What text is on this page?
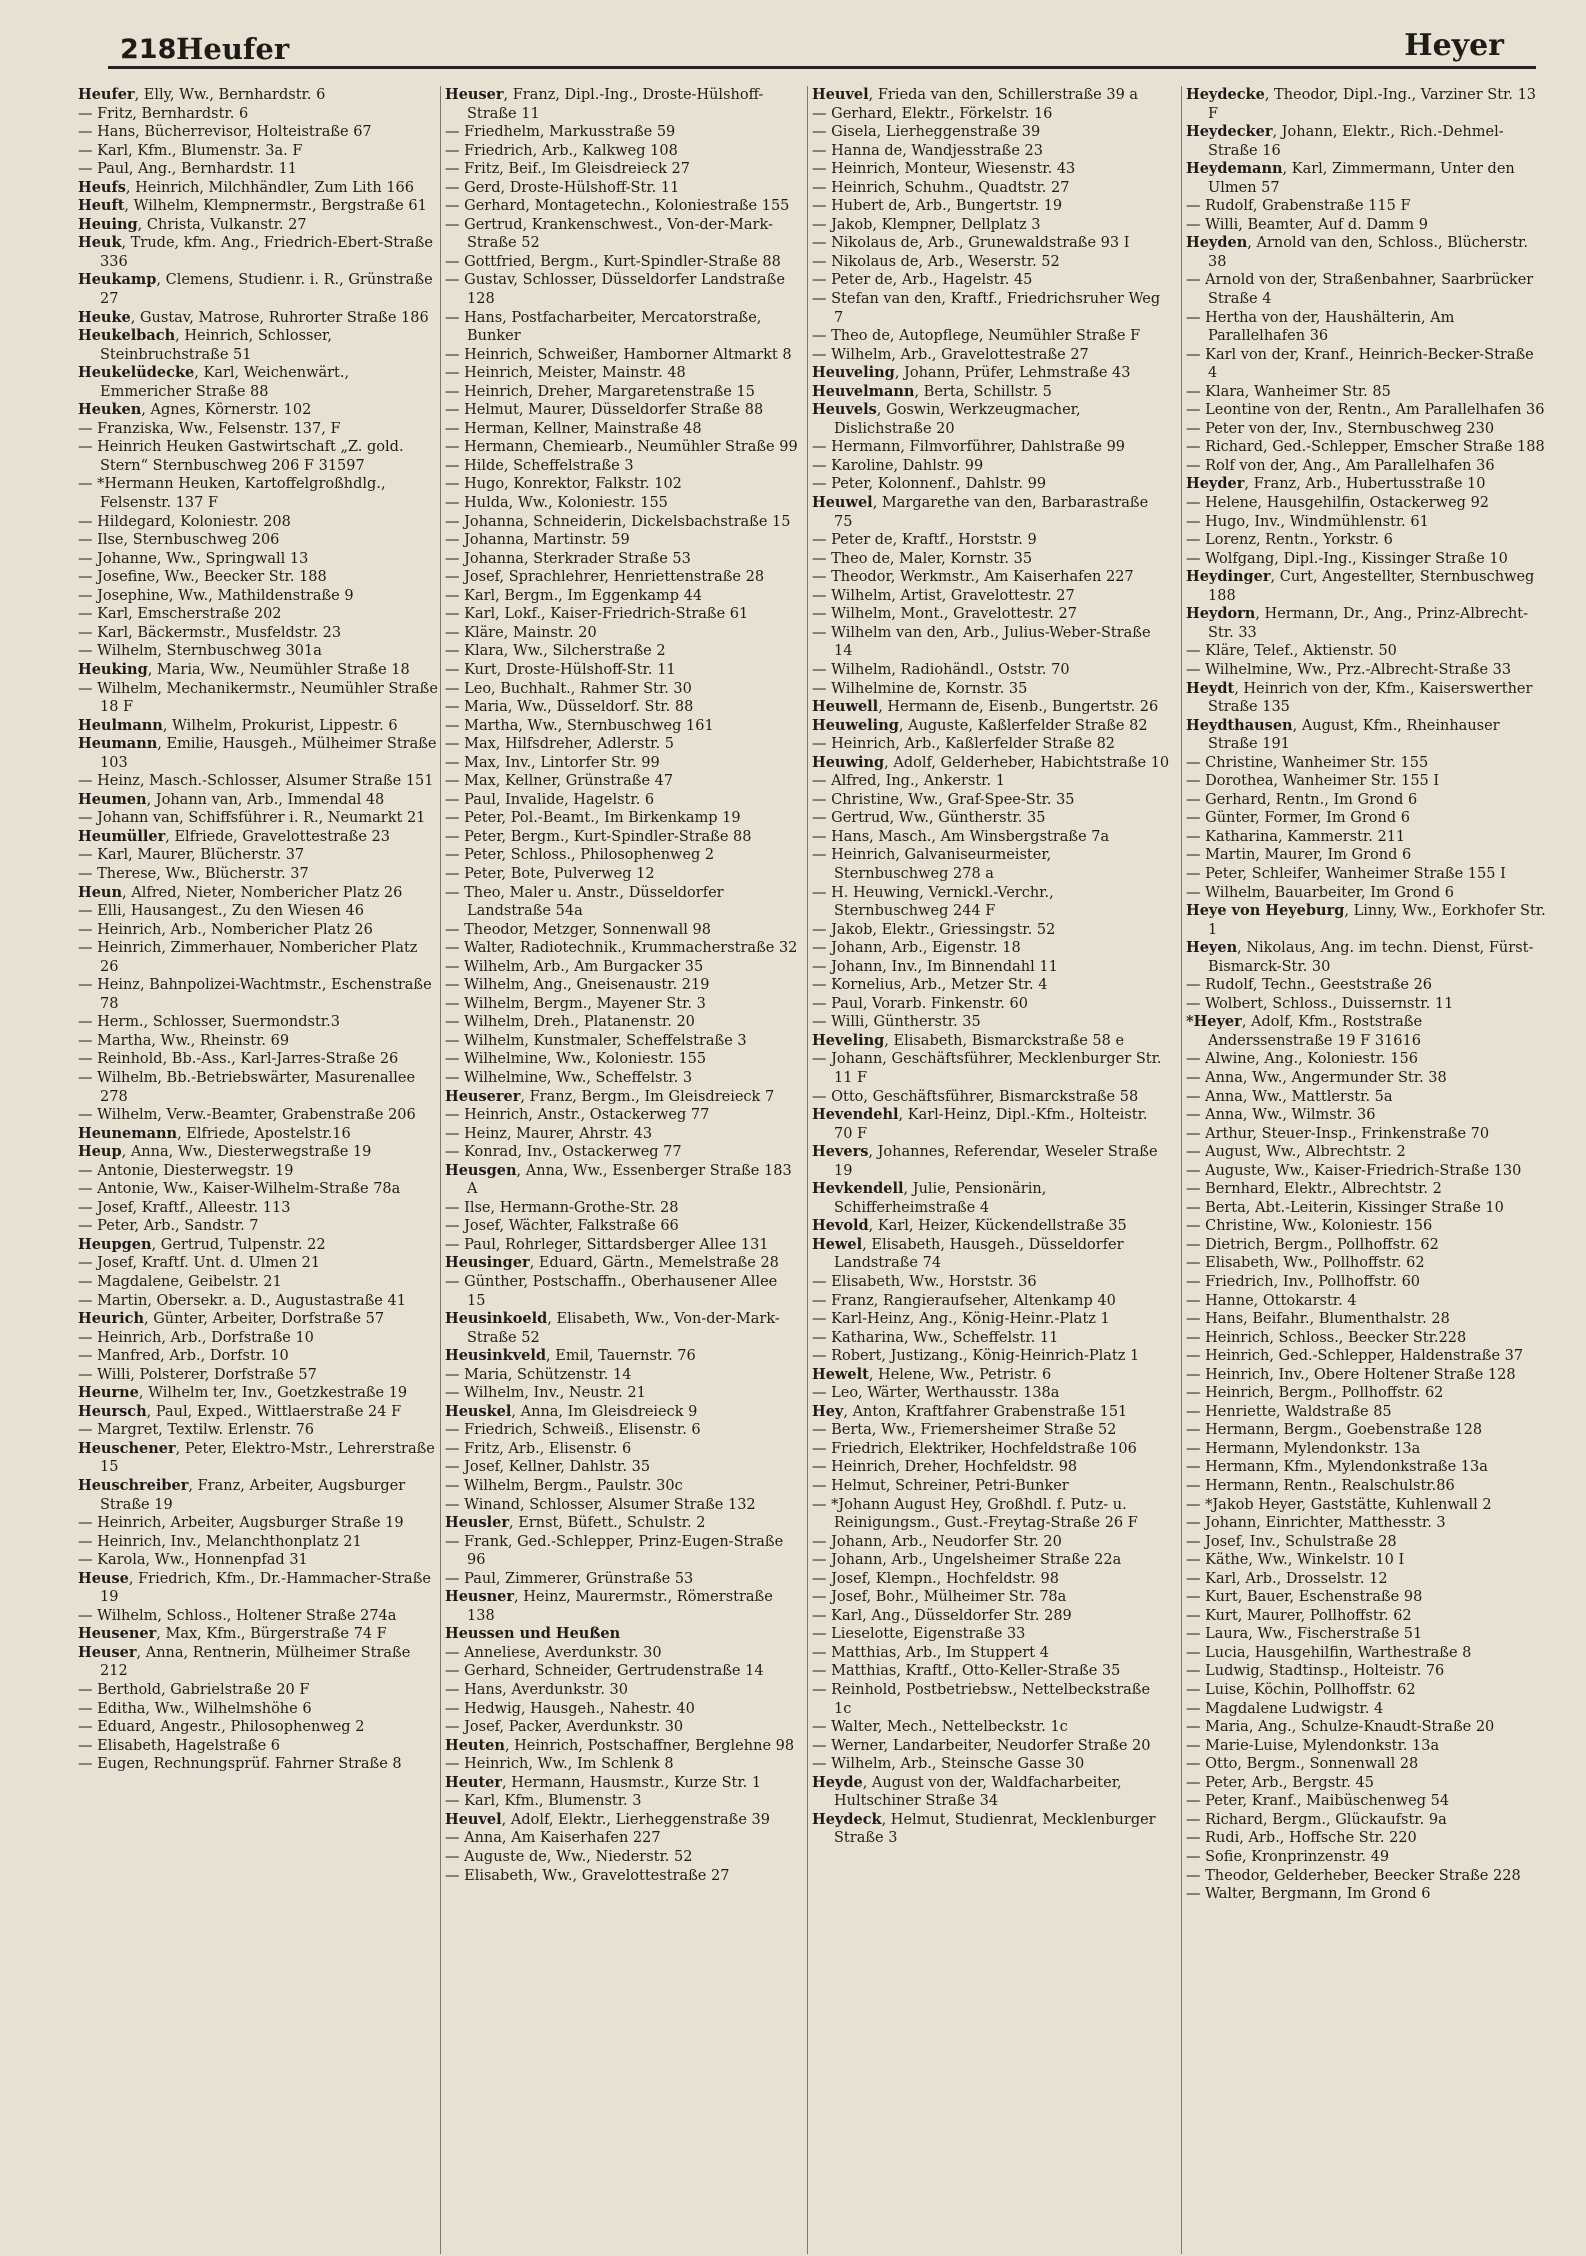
218 Heufer	Heyer

Heufer, Elly, Ww., Bernhardstr. 6

— Fritz, Bernhardstr. 6

— Hans, Bücherrevisor, Holteistraße 67

— Karl, Kfm., Blumenstr. 3a. F

— Paul, Ang., Bernhardstr. 11

Heufs, Heinrich, Milchhändler, Zum Lith 166

Heuft, Wilhelm, Klempnermstr., Bergstraße 61

Heuing, Christa, Vulkanstr. 27

Heuk, Trude, kfm. Ang., Friedrich-Ebert-Straße 336

Heukamp, Clemens, Studienr. i. R., Grünstraße 27

Heuke, Gustav, Matrose, Ruhrorter Straße 186

Heukelbach, Heinrich, Schlosser, Steinbruchstraße 51

Heukelüdecke, Karl, Weichenwärt., Emmericher Straße 88

Heuken, Agnes, Körnerstr. 102

— Franziska, Ww., Felsenstr. 137, F

— Heinrich Heuken Gastwirtschaft „Z. gold. Stern“ Sternbuschweg 206 F 31597

— *Hermann Heuken, Kartoffelgroßhdlg., Felsenstr. 137 F

— Hildegard, Koloniestr. 208

— Ilse, Sternbuschweg 206

— Johanne, Ww., Springwall 13

— Josefine, Ww., Beecker Str. 188

— Josephine, Ww., Mathildenstraße 9

— Karl, Emscherstraße 202

— Karl, Bäckermstr., Musfeldstr. 23

— Wilhelm, Sternbuschweg 301a

Heuking, Maria, Ww., Neumühler Straße 18

— Wilhelm, Mechanikermstr., Neumühler Straße 18 F

Heulmann, Wilhelm, Prokurist, Lippestr. 6

Heumann, Emilie, Hausgeh., Mülheimer Straße 103

— Heinz, Masch.-Schlosser, Alsumer Straße 151

Heumen, Johann van, Arb., Immendal 48

— Johann van, Schiffsführer i. R., Neumarkt 21

Heumüller, Elfriede, Gravelottestraße 23

— Karl, Maurer, Blücherstr. 37

— Therese, Ww., Blücherstr. 37

Heun, Alfred, Nieter, Nombericher Platz 26

— Elli, Hausangest., Zu den Wiesen 46

— Heinrich, Arb., Nombericher Platz 26

— Heinrich, Zimmerhauer, Nombericher Platz 26

— Heinz, Bahnpolizei-Wachtmstr., Eschenstraße 78

— Herm., Schlosser, Suermondstr.3

— Martha, Ww., Rheinstr. 69

— Reinhold, Bb.-Ass., Karl-Jarres-Straße 26

— Wilhelm, Bb.-Betriebswärter, Masurenallee 278

— Wilhelm, Verw.-Beamter, Grabenstraße 206

Heunemann, Elfriede, Apostelstr.16

Heup, Anna, Ww., Diesterwegstraße 19

— Antonie, Diesterwegstr. 19

— Antonie, Ww., Kaiser-Wilhelm-Straße 78a

— Josef, Kraftf., Alleestr. 113

— Peter, Arb., Sandstr. 7

Heupgen, Gertrud, Tulpenstr. 22

— Josef, Kraftf. Unt. d. Ulmen 21

— Magdalene, Geibelstr. 21

— Martin, Obersekr. a. D., Augustastraße 41

Heurich, Günter, Arbeiter, Dorfstraße 57

— Heinrich, Arb., Dorfstraße 10

— Manfred, Arb., Dorfstr. 10

— Willi, Polsterer, Dorfstraße 57

Heurne, Wilhelm ter, Inv., Goetzkestraße 19

Heursch, Paul, Exped., Wittlaerstraße 24 F

— Margret, Textilw. Erlenstr. 76

Heuschener, Peter, Elektro-Mstr., Lehrerstraße 15

Heuschreiber, Franz, Arbeiter, Augsburger Straße 19

— Heinrich, Arbeiter, Augsburger Straße 19

— Heinrich, Inv., Melanchthonplatz 21

— Karola, Ww., Honnenpfad 31

Heuse, Friedrich, Kfm., Dr.-Hammacher-Straße 19

— Wilhelm, Schloss., Holtener Straße 274a

Heusener, Max, Kfm., Bürgerstraße 74 F

Heuser, Anna, Rentnerin, Mülheimer Straße 212

— Berthold, Gabrielstraße 20 F

— Editha, Ww., Wilhelmshöhe 6

— Eduard, Angestr., Philosophenweg 2

— Elisabeth, Hagelstraße 6

— Eugen, Rechnungsprüf. Fahrner Straße 8

Heuser, Franz, Dipl.-Ing., Droste-Hülshoff-Straße 11

— Friedhelm, Markusstraße 59

— Friedrich, Arb., Kalkweg 108

— Fritz, Beif., Im Gleisdreieck 27

— Gerd, Droste-Hülshoff-Str. 11

— Gerhard, Montagetechn., Koloniestraße 155

— Gertrud, Krankenschwest., Von-der-Mark-Straße 52

— Gottfried, Bergm., Kurt-Spindler-Straße 88

— Gustav, Schlosser, Düsseldorfer Landstraße 128

— Hans, Postfacharbeiter, Mercatorstraße, Bunker

— Heinrich, Schweißer, Hamborner Altmarkt 8

— Heinrich, Meister, Mainstr. 48

— Heinrich, Dreher, Margaretenstraße 15

— Helmut, Maurer, Düsseldorfer Straße 88

— Herman, Kellner, Mainstraße 48

— Hermann, Chemiearb., Neumühler Straße 99

— Hilde, Scheffelstraße 3

— Hugo, Konrektor, Falkstr. 102

— Hulda, Ww., Koloniestr. 155

— Johanna, Schneiderin, Dickelsbachstraße 15

— Johanna, Martinstr. 59

— Johanna, Sterkrader Straße 53

— Josef, Sprachlehrer, Henriettenstraße 28

— Karl, Bergm., Im Eggenkamp 44

— Karl, Lokf., Kaiser-Friedrich-Straße 61

— Kläre, Mainstr. 20

— Klara, Ww., Silcherstraße 2

— Kurt, Droste-Hülshoff-Str. 11

— Leo, Buchhalt., Rahmer Str. 30

— Maria, Ww., Düsseldorf. Str. 88

— Martha, Ww., Sternbuschweg 161

— Max, Hilfsdreher, Adlerstr. 5

— Max, Inv., Lintorfer Str. 99

— Max, Kellner, Grünstraße 47

— Paul, Invalide, Hagelstr. 6

— Peter, Pol.-Beamt., Im Birkenkamp 19

— Peter, Bergm., Kurt-Spindler-Straße 88

— Peter, Schloss., Philosophenweg 2

— Peter, Bote, Pulverweg 12

— Theo, Maler u. Anstr., Düsseldorfer Landstraße 54a

— Theodor, Metzger, Sonnenwall 98

— Walter, Radiotechnik., Krummacherstraße 32

— Wilhelm, Arb., Am Burgacker 35

— Wilhelm, Ang., Gneisenaustr. 219

— Wilhelm, Bergm., Mayener Str. 3

— Wilhelm, Dreh., Platanenstr. 20

— Wilhelm, Kunstmaler, Scheffelstraße 3

— Wilhelmine, Ww., Koloniestr. 155

— Wilhelmine, Ww., Scheffelstr. 3

Heuserer, Franz, Bergm., Im Gleisdreieck 7

— Heinrich, Anstr., Ostackerweg 77

— Heinz, Maurer, Ahrstr. 43

— Konrad, Inv., Ostackerweg 77

Heusgen, Anna, Ww., Essenberger Straße 183 A

— Ilse, Hermann-Grothe-Str. 28

— Josef, Wächter, Falkstraße 66

— Paul, Rohrleger, Sittardsberger Allee 131

Heusinger, Eduard, Gärtn., Memelstraße 28

— Günther, Postschaffn., Oberhausener Allee 15

Heusinkoeld, Elisabeth, Ww., Von-der-Mark-Straße 52

Heusinkveld, Emil, Tauernstr. 76

— Maria, Schützenstr. 14

— Wilhelm, Inv., Neustr. 21

Heuskel, Anna, Im Gleisdreieck 9

— Friedrich, Schweiß., Elisenstr. 6

— Fritz, Arb., Elisenstr. 6

— Josef, Kellner, Dahlstr. 35

— Wilhelm, Bergm., Paulstr. 30c

— Winand, Schlosser, Alsumer Straße 132

Heusler, Ernst, Büfett., Schulstr. 2

— Frank, Ged.-Schlepper, Prinz-Eugen-Straße 96

— Paul, Zimmerer, Grünstraße 53

Heusner, Heinz, Maurermstr., Römerstraße 138

Heussen und Heußen

— Anneliese, Averdunkstr. 30

— Gerhard, Schneider, Gertrudenstraße 14

— Hans, Averdunkstr. 30

— Hedwig, Hausgeh., Nahestr. 40

— Josef, Packer, Averdunkstr. 30

Heuten, Heinrich, Postschaffner, Berglehne 98

— Heinrich, Ww., Im Schlenk 8

Heuter, Hermann, Hausmstr., Kurze Str. 1

— Karl, Kfm., Blumenstr. 3

Heuvel, Adolf, Elektr., Lierheggenstraße 39

— Anna, Am Kaiserhafen 227

— Auguste de, Ww., Niederstr. 52

— Elisabeth, Ww., Gravelottestraße 27

Heuvel, Frieda van den, Schillerstraße 39 a

— Gerhard, Elektr., Förkelstr. 16

— Gisela, Lierheggenstraße 39

— Hanna de, Wandjesstraße 23

— Heinrich, Monteur, Wiesenstr. 43

— Heinrich, Schuhm., Quadtstr. 27

— Hubert de, Arb., Bungertstr. 19

— Jakob, Klempner, Dellplatz 3

— Nikolaus de, Arb., Grunewaldstraße 93 I

— Nikolaus de, Arb., Weserstr. 52

— Peter de, Arb., Hagelstr. 45

— Stefan van den, Kraftf., Friedrichsruher Weg 7

— Theo de, Autopflege, Neumühler Straße F

— Wilhelm, Arb., Gravelottestraße 27

Heuveling, Johann, Prüfer, Lehmstraße 43

Heuvelmann, Berta, Schillstr. 5

Heuvels, Goswin, Werkzeugmacher, Dislichstraße 20

— Hermann, Filmvorführer, Dahlstraße 99

— Karoline, Dahlstr. 99

— Peter, Kolonnenf., Dahlstr. 99

Heuwel, Margarethe van den, Barbarastraße 75

— Peter de, Kraftf., Horststr. 9

— Theo de, Maler, Kornstr. 35

— Theodor, Werkmstr., Am Kaiserhafen 227

— Wilhelm, Artist, Gravelottestr. 27

— Wilhelm, Mont., Gravelottestr. 27

— Wilhelm van den, Arb., Julius-Weber-Straße 14

— Wilhelm, Radiohändl., Oststr. 70

— Wilhelmine de, Kornstr. 35

Heuwell, Hermann de, Eisenb., Bungertstr. 26

Heuweling, Auguste, Kaßlerfelder Straße 82

— Heinrich, Arb., Kaßlerfelder Straße 82

Heuwing, Adolf, Gelderheber, Habichtstraße 10

— Alfred, Ing., Ankerstr. 1

— Christine, Ww., Graf-Spee-Str. 35

— Gertrud, Ww., Güntherstr. 35

— Hans, Masch., Am Winsbergstraße 7a

— Heinrich, Galvaniseurmeister, Sternbuschweg 278 a

— H. Heuwing, Vernickl.-Verchr., Sternbuschweg 244 F

— Jakob, Elektr., Griessingstr. 52

— Johann, Arb., Eigenstr. 18

— Johann, Inv., Im Binnendahl 11

— Kornelius, Arb., Metzer Str. 4

— Paul, Vorarb. Finkenstr. 60

— Willi, Güntherstr. 35

Heveling, Elisabeth, Bismarckstraße 58 e

— Johann, Geschäftsführer, Mecklenburger Str. 11 F

— Otto, Geschäftsführer, Bismarckstraße 58

Hevendehl, Karl-Heinz, Dipl.-Kfm., Holteistr. 70 F

Hevers, Johannes, Referendar, Weseler Straße 19

Hevkendell, Julie, Pensionärin, Schifferheimstraße 4

Hevold, Karl, Heizer, Kückendellstraße 35

Hewel, Elisabeth, Hausgeh., Düsseldorfer Landstraße 74

— Elisabeth, Ww., Horststr. 36

— Franz, Rangieraufseher, Altenkamp 40

— Karl-Heinz, Ang., König-Heinr.-Platz 1

— Katharina, Ww., Scheffelstr. 11

— Robert, Justizang., König-Heinrich-Platz 1

Hewelt, Helene, Ww., Petristr. 6

— Leo, Wärter, Werthausstr. 138a

Hey, Anton, Kraftfahrer Grabenstraße 151

— Berta, Ww., Friemersheimer Straße 52

— Friedrich, Elektriker, Hochfeldstraße 106

— Heinrich, Dreher, Hochfeldstr. 98

— Helmut, Schreiner, Petri-Bunker

— *Johann August Hey, Großhdl. f. Putz- u. Reinigungsm., Gust.-Freytag-Straße 26 F

— Johann, Arb., Neudorfer Str. 20

— Johann, Arb., Ungelsheimer Straße 22a

— Josef, Klempn., Hochfeldstr. 98

— Josef, Bohr., Mülheimer Str. 78a

— Karl, Ang., Düsseldorfer Str. 289

— Lieselotte, Eigenstraße 33

— Matthias, Arb., Im Stuppert 4

— Matthias, Kraftf., Otto-Keller-Straße 35

— Reinhold, Postbetriebsw., Nettelbeckstraße 1c

— Walter, Mech., Nettelbeckstr. 1c

— Werner, Landarbeiter, Neudorfer Straße 20

— Wilhelm, Arb., Steinsche Gasse 30

Heyde, August von der, Waldfacharbeiter, Hultschiner Straße 34

Heydeck, Helmut, Studienrat, Mecklenburger Straße 3

Heydecke, Theodor, Dipl.-Ing., Varziner Str. 13 F

Heydecker, Johann, Elektr., Rich.-Dehmel-Straße 16

Heydemann, Karl, Zimmermann, Unter den Ulmen 57

— Rudolf, Grabenstraße 115 F

— Willi, Beamter, Auf d. Damm 9

Heyden, Arnold van den, Schloss., Blücherstr. 38

— Arnold von der, Straßenbahner, Saarbrücker Straße 4

— Hertha von der, Haushälterin, Am Parallelhafen 36

— Karl von der, Kranf., Heinrich-Becker-Straße 4

— Klara, Wanheimer Str. 85

— Leontine von der, Rentn., Am Parallelhafen 36

— Peter von der, Inv., Sternbuschweg 230

— Richard, Ged.-Schlepper, Emscher Straße 188

— Rolf von der, Ang., Am Parallelhafen 36

Heyder, Franz, Arb., Hubertusstraße 10

— Helene, Hausgehilfin, Ostackerweg 92

— Hugo, Inv., Windmühlenstr. 61

— Lorenz, Rentn., Yorkstr. 6

— Wolfgang, Dipl.-Ing., Kissinger Straße 10

Heydinger, Curt, Angestellter, Sternbuschweg 188

Heydorn, Hermann, Dr., Ang., Prinz-Albrecht-Str. 33

— Kläre, Telef., Aktienstr. 50

— Wilhelmine, Ww., Prz.-Albrecht-Straße 33

Heydt, Heinrich von der, Kfm., Kaiserswerther Straße 135

Heydthausen, August, Kfm., Rheinhauser Straße 191

— Christine, Wanheimer Str. 155

— Dorothea, Wanheimer Str. 155 I

— Gerhard, Rentn., Im Grond 6

— Günter, Former, Im Grond 6

— Katharina, Kammerstr. 211

— Martin, Maurer, Im Grond 6

— Peter, Schleifer, Wanheimer Straße 155 I

— Wilhelm, Bauarbeiter, Im Grond 6

Heye von Heyeburg, Linny, Ww., Eorkhofer Str. 1

Heyen, Nikolaus, Ang. im techn. Dienst, Fürst-Bismarck-Str. 30

— Rudolf, Techn., Geeststraße 26

— Wolbert, Schloss., Duissernstr. 11

*Heyer, Adolf, Kfm., Roststraße Anderssenstraße 19 F 31616

— Alwine, Ang., Koloniestr. 156

— Anna, Ww., Angermunder Str. 38

— Anna, Ww., Mattlerstr. 5a

— Anna, Ww., Wilmstr. 36

— Arthur, Steuer-Insp., Frinkenstraße 70

— August, Ww., Albrechtstr. 2

— Auguste, Ww., Kaiser-Friedrich-Straße 130

— Bernhard, Elektr., Albrechtstr. 2

— Berta, Abt.-Leiterin, Kissinger Straße 10

— Christine, Ww., Koloniestr. 156

— Dietrich, Bergm., Pollhoffstr. 62

— Elisabeth, Ww., Pollhoffstr. 62

— Friedrich, Inv., Pollhoffstr. 60

— Hanne, Ottokarstr. 4

— Hans, Beifahr., Blumenthalstr. 28

— Heinrich, Schloss., Beecker Str.228

— Heinrich, Ged.-Schlepper, Haldenstraße 37

— Heinrich, Inv., Obere Holtener Straße 128

— Heinrich, Bergm., Pollhoffstr. 62

— Henriette, Waldstraße 85

— Hermann, Bergm., Goebenstraße 128

— Hermann, Mylendonkstr. 13a

— Hermann, Kfm., Mylendonkstraße 13a

— Hermann, Rentn., Realschulstr.86

— *Jakob Heyer, Gaststätte, Kuhlenwall 2

— Johann, Einrichter, Matthesstr. 3

— Josef, Inv., Schulstraße 28

— Käthe, Ww., Winkelstr. 10 I

— Karl, Arb., Drosselstr. 12

— Kurt, Bauer, Eschenstraße 98

— Kurt, Maurer, Pollhoffstr. 62

— Laura, Ww., Fischerstraße 51

— Lucia, Hausgehilfin, Warthestraße 8

— Ludwig, Stadtinsp., Holteistr. 76

— Luise, Köchin, Pollhoffstr. 62

— Magdalene Ludwigstr. 4

— Maria, Ang., Schulze-Knaudt-Straße 20

— Marie-Luise, Mylendonkstr. 13a

— Otto, Bergm., Sonnenwall 28

— Peter, Arb., Bergstr. 45

— Peter, Kranf., Maibüschenweg 54

— Richard, Bergm., Glückaufstr. 9a

— Rudi, Arb., Hoffsche Str. 220

— Sofie, Kronprinzenstr. 49

— Theodor, Gelderheber, Beecker Straße 228

— Walter, Bergmann, Im Grond 6
